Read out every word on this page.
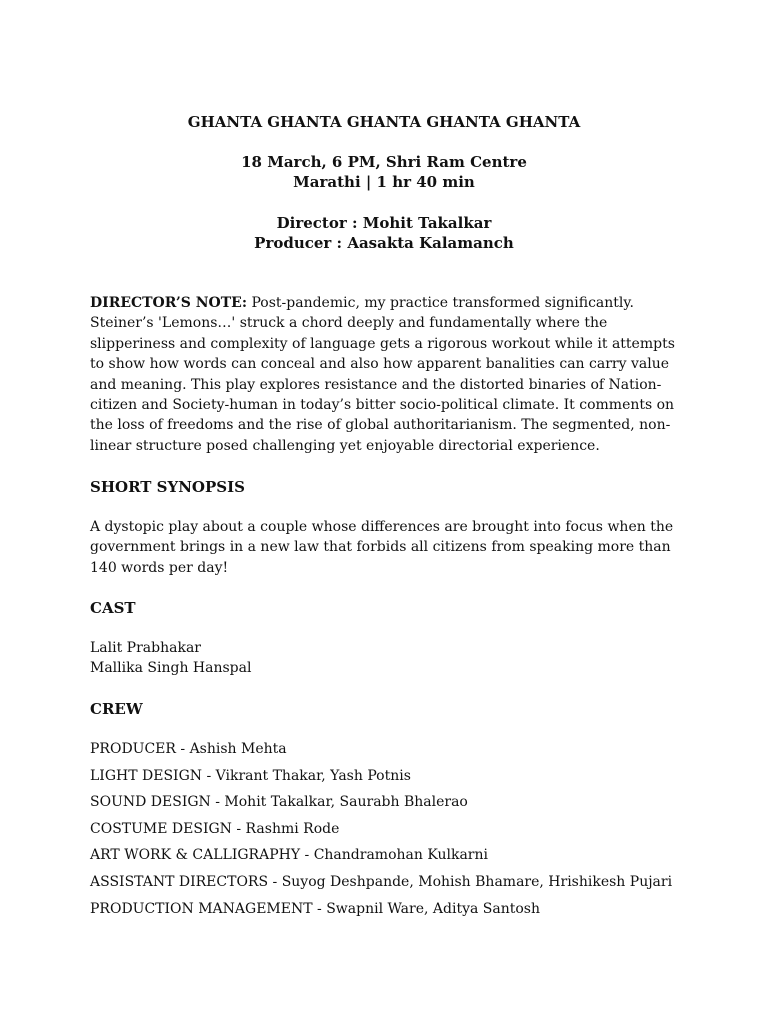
GHANTA GHANTA GHANTA GHANTA GHANTA

18 March, 6 PM, Shri Ram Centre

Marathi | 1 hr 40 min

Director : Mohit Takalkar

Producer : Aasakta Kalamanch

DIRECTOR’S NOTE: Post-pandemic, my practice transformed significantly. Steiner’s 'Lemons…' struck a chord deeply and fundamentally where the slipperiness and complexity of language gets a rigorous workout while it attempts to show how words can conceal and also how apparent banalities can carry value and meaning. This play explores resistance and the distorted binaries of Nation-citizen and Society-human in today’s bitter socio-political climate. It comments on the loss of freedoms and the rise of global authoritarianism. The segmented, non-linear structure posed challenging yet enjoyable directorial experience.

SHORT SYNOPSIS

A dystopic play about a couple whose differences are brought into focus when the government brings in a new law that forbids all citizens from speaking more than 140 words per day!

CAST

Lalit Prabhakar
Mallika Singh Hanspal

CREW

PRODUCER - Ashish Mehta
LIGHT DESIGN - Vikrant Thakar, Yash Potnis
SOUND DESIGN - Mohit Takalkar, Saurabh Bhalerao
COSTUME DESIGN - Rashmi Rode
ART WORK & CALLIGRAPHY - Chandramohan Kulkarni
ASSISTANT DIRECTORS - Suyog Deshpande, Mohish Bhamare, Hrishikesh Pujari
PRODUCTION MANAGEMENT - Swapnil Ware, Aditya Santosh
